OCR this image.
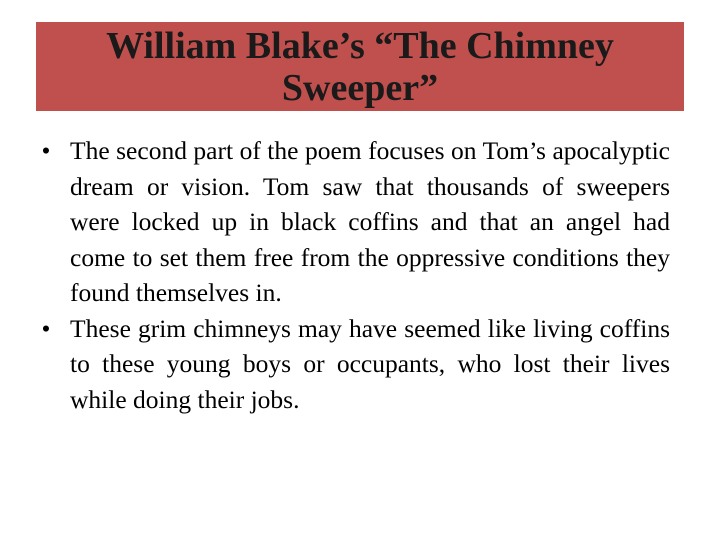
William Blake’s “The Chimney Sweeper”
• The second part of the poem focuses on Tom’s apocalyptic dream or vision. Tom saw that thousands of sweepers were locked up in black coffins and that an angel had come to set them free from the oppressive conditions they found themselves in.
• These grim chimneys may have seemed like living coffins to these young boys or occupants, who lost their lives while doing their jobs.
